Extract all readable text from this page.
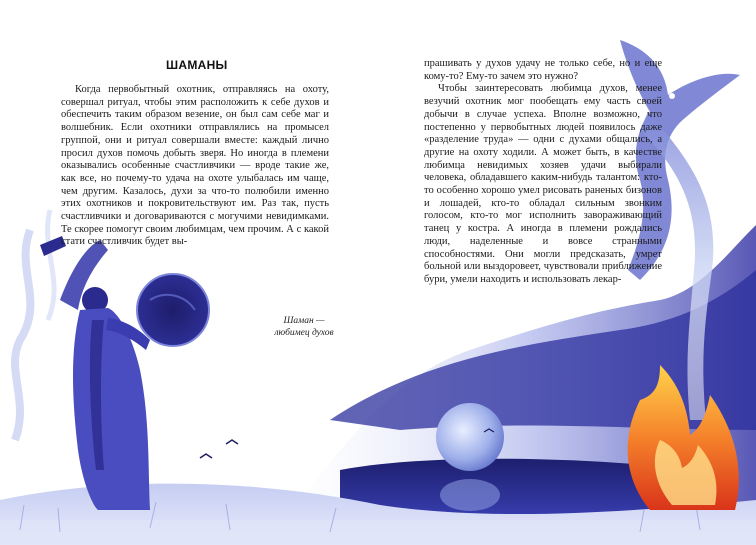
ШАМАНЫ

Когда первобытный охотник, отправляясь на охоту, совершал ритуал, чтобы этим расположить к себе духов и обеспечить таким образом везение, он был сам себе маг и волшебник. Если охотники отправлялись на промысел группой, они и ритуал совершали вместе: каждый лично просил духов помочь добыть зверя. Но иногда в племени оказывались особенные счастливчики — вроде такие же, как все, но почему-то удача на охоте улыбалась им чаще, чем другим. Казалось, духи за что-то полюбили именно этих охотников и покровительствуют им. Раз так, пусть счастливчики и договариваются с могучими невидимками. Те скорее помогут своим любимцам, чем прочим. А с какой стати счастливчик будет вы-

Шаман —
любимец духов

прашивать у духов удачу не только себе, но и еще кому-то? Ему-то зачем это нужно?

Чтобы заинтересовать любимца духов, менее везучий охотник мог пообещать ему часть своей добычи в случае успеха. Вполне возможно, что постепенно у первобытных людей появилось даже «разделение труда» — одни с духами общались, а другие на охоту ходили. А может быть, в качестве любимца невидимых хозяев удачи выбирали человека, обладавшего каким-нибудь талантом: кто-то особенно хорошо умел рисовать раненых бизонов и лошадей, кто-то обладал сильным звонким голосом, кто-то мог исполнить завораживающий танец у костра. А иногда в племени рождались люди, наделенные и вовсе странными способностями. Они могли предсказать, умрет больной или выздоровеет, чувствовали приближение бури, умели находить и использовать лекар-
